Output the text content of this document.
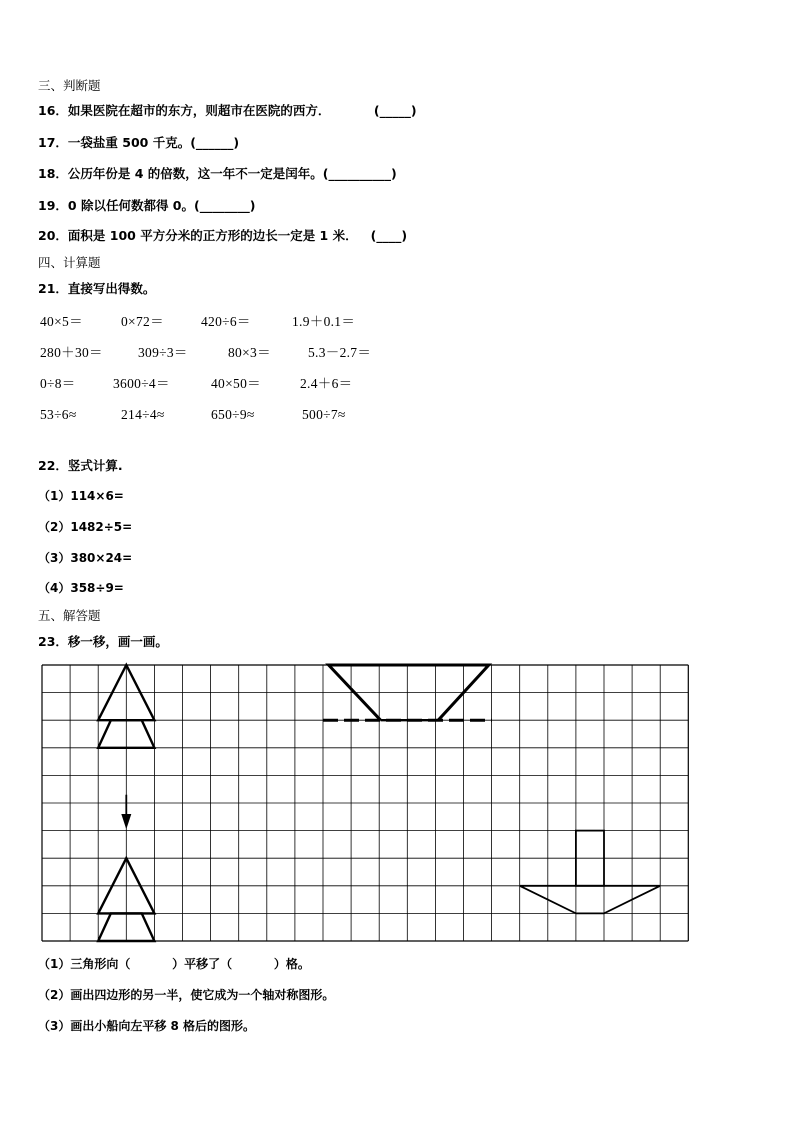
三、判断题
16．如果医院在超市的东方，则超市在医院的西方．          (_____)
17．一袋盐重 500 千克。(______)
18．公历年份是 4 的倍数，这一年不一定是闰年。(__________)
19．0 除以任何数都得 0。(________)
20．面积是 100 平方分米的正方形的边长一定是 1 米．   (____)
四、计算题
21．直接写出得数。
40×5＝	0×72＝	420÷6＝	1.9＋0.1＝
280＋30＝	309÷3＝	80×3＝	5.3－2.7＝
0÷8＝	3600÷4＝	40×50＝	2.4＋6＝
53÷6≈	214÷4≈	650÷9≈	500÷7≈
22．竖式计算.
（1）114×6=
（2）1482÷5=
（3）380×24=
（4）358÷9=
五、解答题
23．移一移，画一画。
（1）三角形向（          ）平移了（          ）格。
（2）画出四边形的另一半，使它成为一个轴对称图形。
（3）画出小船向左平移 8 格后的图形。
